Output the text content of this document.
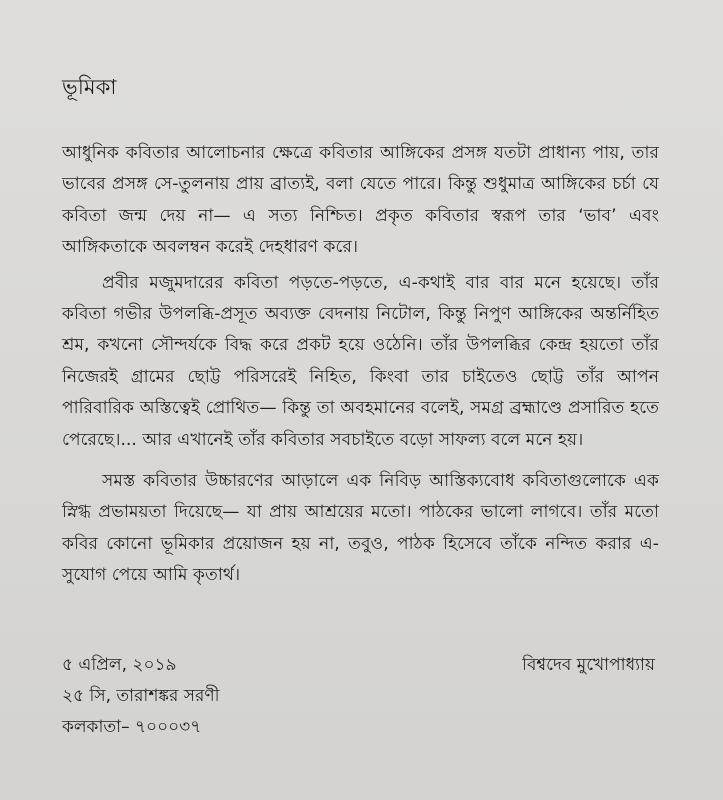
ভূমিকা

আধুনিক কবিতার আলোচনার ক্ষেত্রে কবিতার আঙ্গিকের প্রসঙ্গ যতটা প্রাধান্য পায়, তার ভাবের প্রসঙ্গ সে-তুলনায় প্রায় ব্রাত্যই, বলা যেতে পারে। কিন্তু শুধুমাত্র আঙ্গিকের চর্চা যে কবিতা জন্ম দেয় না— এ সত্য নিশ্চিত। প্রকৃত কবিতার স্বরূপ তার ‘ভাব’ এবং আঙ্গিকতাকে অবলম্বন করেই দেহধারণ করে।

প্রবীর মজুমদারের কবিতা পড়তে-পড়তে, এ-কথাই বার বার মনে হয়েছে। তাঁর কবিতা গভীর উপলব্ধি-প্রসূত অব্যক্ত বেদনায় নিটোল, কিন্তু নিপুণ আঙ্গিকের অন্তর্নিহিত শ্রম, কখনো সৌন্দর্যকে বিদ্ধ করে প্রকট হয়ে ওঠেনি। তাঁর উপলব্ধির কেন্দ্র হয়তো তাঁর নিজেরই গ্রামের ছোট্ট পরিসরেই নিহিত, কিংবা তার চাইতেও ছোট্ট তাঁর আপন পারিবারিক অস্তিত্বেই প্রোথিত— কিন্তু তা অবহমানের বলেই, সমগ্র ব্রহ্মাণ্ডে প্রসারিত হতে পেরেছে।... আর এখানেই তাঁর কবিতার সবচাইতে বড়ো সাফল্য বলে মনে হয়।

সমস্ত কবিতার উচ্চারণের আড়ালে এক নিবিড় আস্তিক্যবোধ কবিতাগুলোকে এক স্নিগ্ধ প্রভাময়তা দিয়েছে— যা প্রায় আশ্রয়ের মতো। পাঠকের ভালো লাগবে। তাঁর মতো কবির কোনো ভূমিকার প্রয়োজন হয় না, তবুও, পাঠক হিসেবে তাঁকে নন্দিত করার এ-সুযোগ পেয়ে আমি কৃতার্থ।

৫ এপ্রিল, ২০১৯	বিশ্বদেব মুখোপাধ্যায়
২৫ সি, তারাশঙ্কর সরণী
কলকাতা– ৭০০০৩৭
